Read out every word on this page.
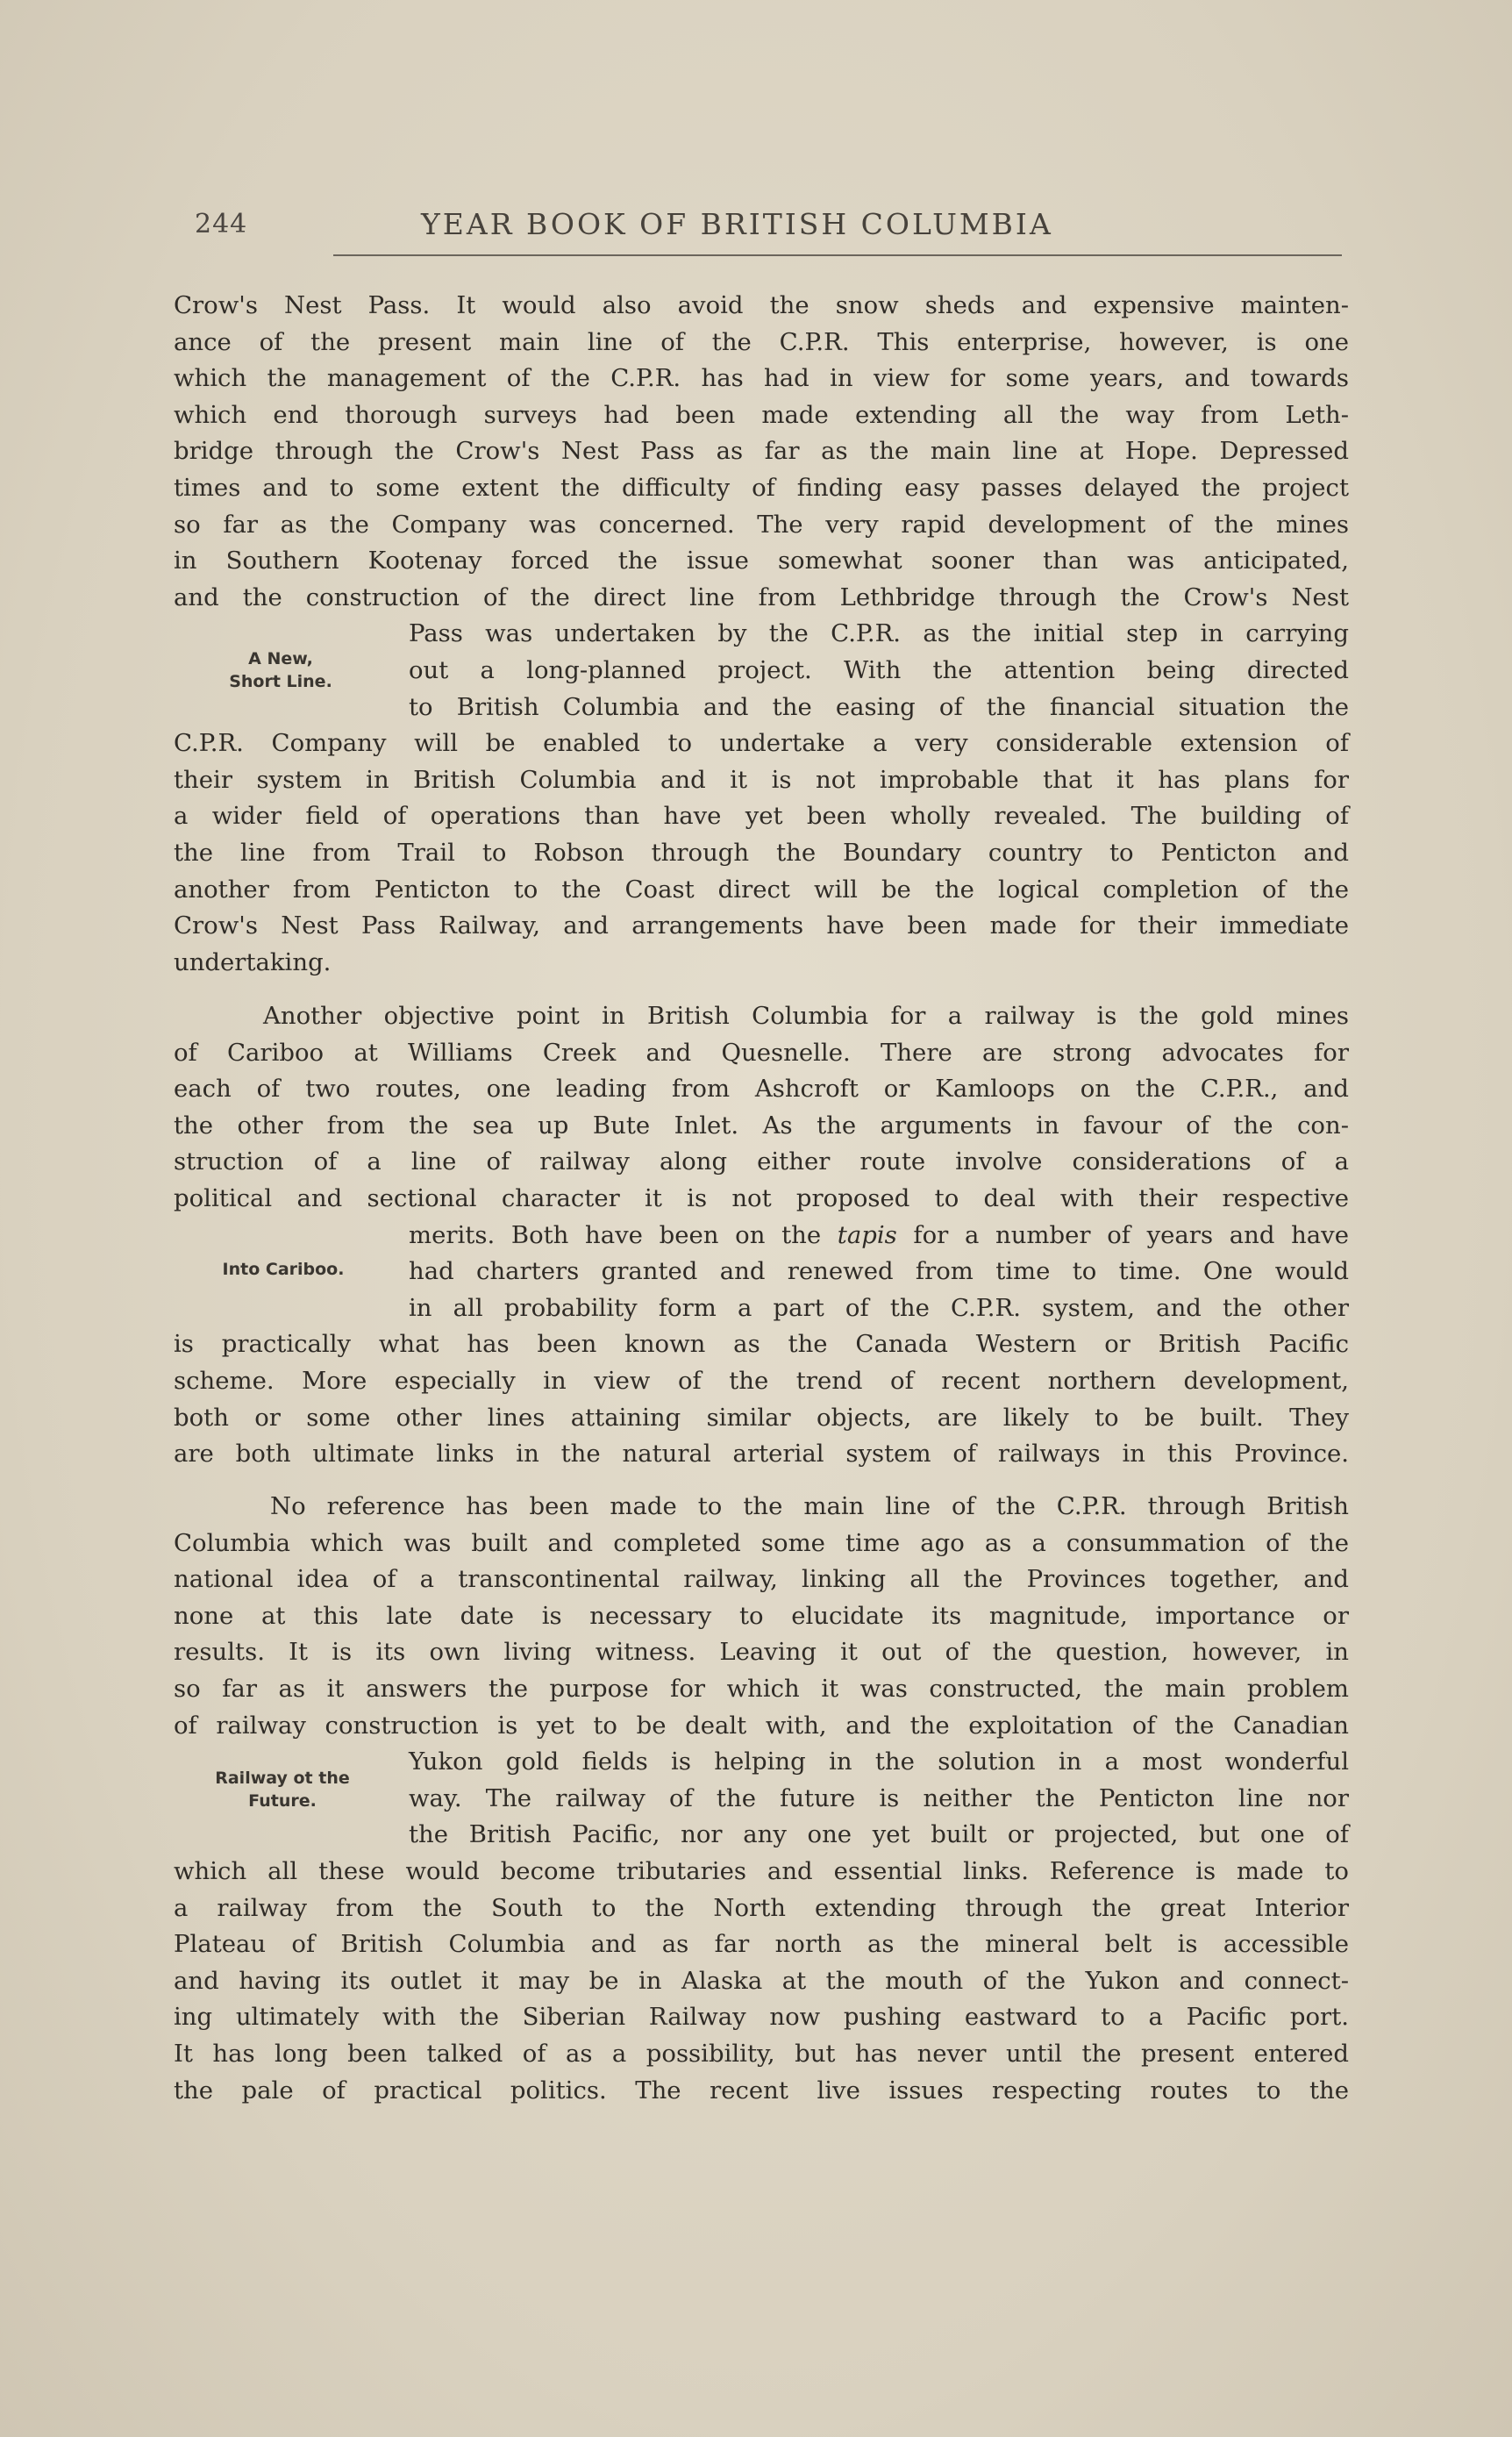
244	YEAR BOOK OF BRITISH COLUMBIA
A New,
Short Line.
Into Cariboo.
Railway ot the
Future.
Crow's Nest Pass. It would also avoid the snow sheds and expensive mainten-
ance of the present main line of the C.P.R. This enterprise, however, is one
which the management of the C.P.R. has had in view for some years, and towards
which end thorough surveys had been made extending all the way from Leth-
bridge through the Crow's Nest Pass as far as the main line at Hope. Depressed
times and to some extent the difficulty of finding easy passes delayed the project
so far as the Company was concerned. The very rapid development of the mines
in Southern Kootenay forced the issue somewhat sooner than was anticipated,
and the construction of the direct line from Lethbridge through the Crow's Nest
Pass was undertaken by the C.P.R. as the initial step in carrying
out a long-planned project. With the attention being directed
to British Columbia and the easing of the financial situation the
C.P.R. Company will be enabled to undertake a very considerable extension of
their system in British Columbia and it is not improbable that it has plans for
a wider field of operations than have yet been wholly revealed. The building of
the line from Trail to Robson through the Boundary country to Penticton and
another from Penticton to the Coast direct will be the logical completion of the
Crow's Nest Pass Railway, and arrangements have been made for their immediate
undertaking.
Another objective point in British Columbia for a railway is the gold mines
of Cariboo at Williams Creek and Quesnelle. There are strong advocates for
each of two routes, one leading from Ashcroft or Kamloops on the C.P.R., and
the other from the sea up Bute Inlet. As the arguments in favour of the con-
struction of a line of railway along either route involve considerations of a
political and sectional character it is not proposed to deal with their respective
merits. Both have been on the tapis for a number of years and have
had charters granted and renewed from time to time. One would
in all probability form a part of the C.P.R. system, and the other
is practically what has been known as the Canada Western or British Pacific
scheme. More especially in view of the trend of recent northern development,
both or some other lines attaining similar objects, are likely to be built. They
are both ultimate links in the natural arterial system of railways in this Province.
No reference has been made to the main line of the C.P.R. through British
Columbia which was built and completed some time ago as a consummation of the
national idea of a transcontinental railway, linking all the Provinces together, and
none at this late date is necessary to elucidate its magnitude, importance or
results. It is its own living witness. Leaving it out of the question, however, in
so far as it answers the purpose for which it was constructed, the main problem
of railway construction is yet to be dealt with, and the exploitation of the Canadian
Yukon gold fields is helping in the solution in a most wonderful
way. The railway of the future is neither the Penticton line nor
the British Pacific, nor any one yet built or projected, but one of
which all these would become tributaries and essential links. Reference is made to
a railway from the South to the North extending through the great Interior
Plateau of British Columbia and as far north as the mineral belt is accessible
and having its outlet it may be in Alaska at the mouth of the Yukon and connect-
ing ultimately with the Siberian Railway now pushing eastward to a Pacific port.
It has long been talked of as a possibility, but has never until the present entered
the pale of practical politics. The recent live issues respecting routes to the
